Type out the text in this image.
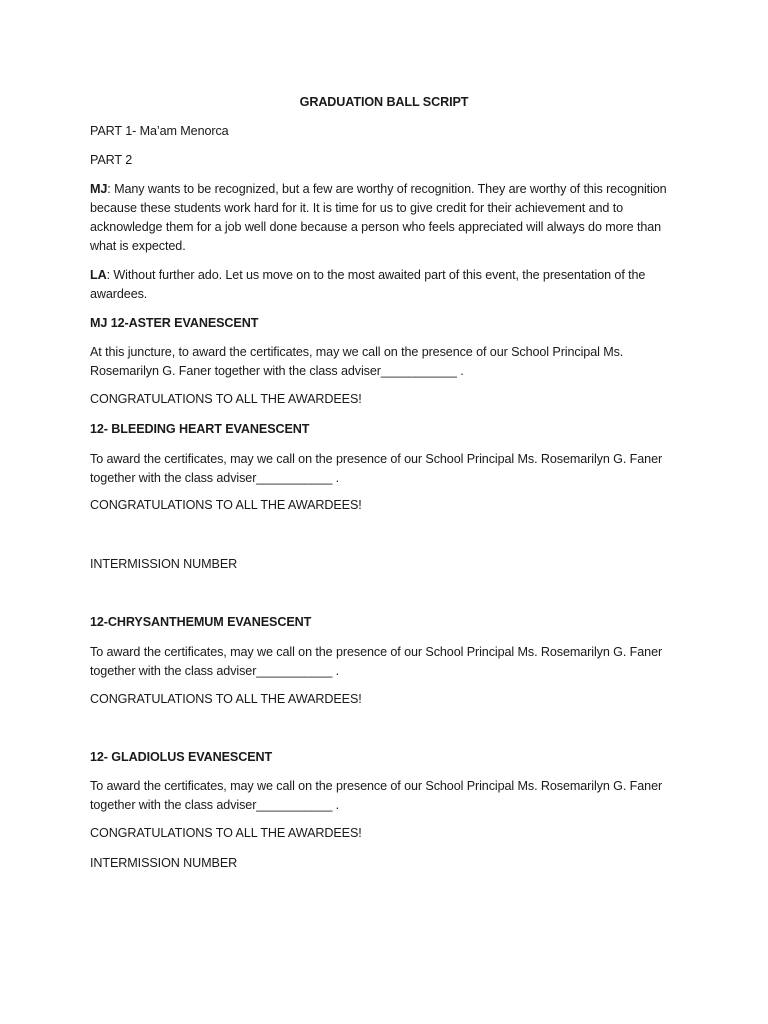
GRADUATION BALL SCRIPT

PART 1- Ma’am Menorca

PART 2

MJ: Many wants to be recognized, but a few are worthy of recognition. They are worthy of this recognition because these students work hard for it. It is time for us to give credit for their achievement and to acknowledge them for a job well done because a person who feels appreciated will always do more than what is expected.

LA: Without further ado. Let us move on to the most awaited part of this event, the presentation of the awardees.

MJ 12-ASTER EVANESCENT

At this juncture, to award the certificates, may we call on the presence of our School Principal Ms. Rosemarilyn G. Faner together with the class adviser___________ .

CONGRATULATIONS TO ALL THE AWARDEES!

12- BLEEDING HEART EVANESCENT

To award the certificates, may we call on the presence of our School Principal Ms. Rosemarilyn G. Faner together with the class adviser___________ .

CONGRATULATIONS TO ALL THE AWARDEES!

INTERMISSION NUMBER

12-CHRYSANTHEMUM EVANESCENT

To award the certificates, may we call on the presence of our School Principal Ms. Rosemarilyn G. Faner together with the class adviser___________ .

CONGRATULATIONS TO ALL THE AWARDEES!

12- GLADIOLUS EVANESCENT

To award the certificates, may we call on the presence of our School Principal Ms. Rosemarilyn G. Faner together with the class adviser___________ .

CONGRATULATIONS TO ALL THE AWARDEES!

INTERMISSION NUMBER
